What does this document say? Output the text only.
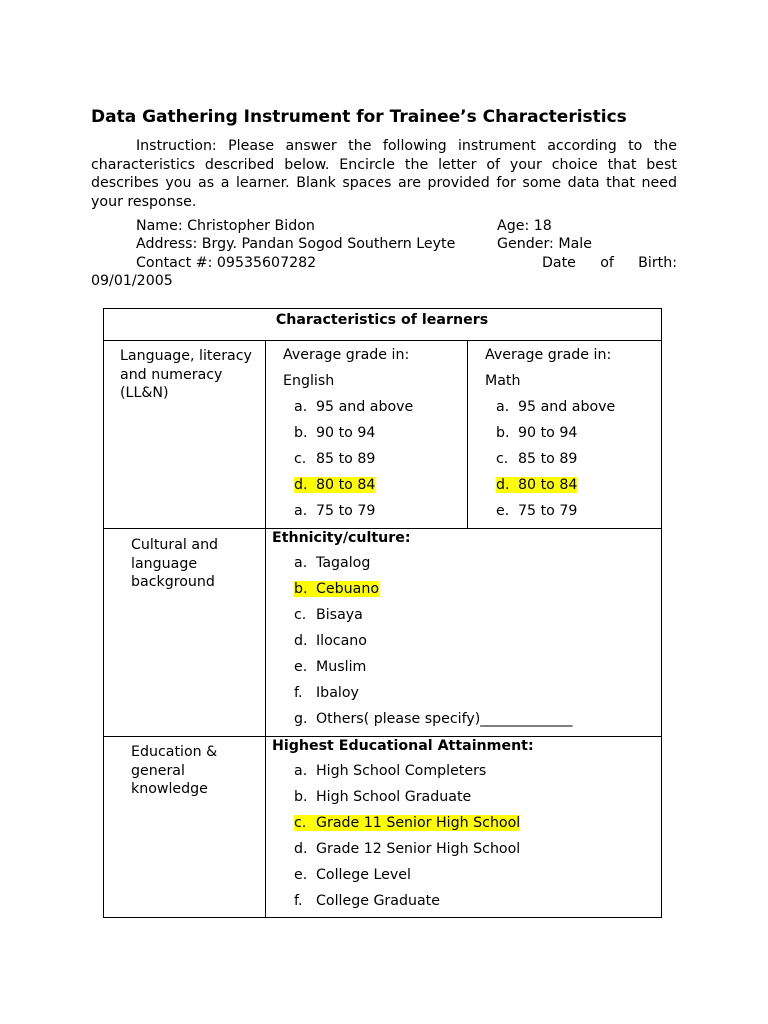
Data Gathering Instrument for Trainee’s Characteristics
Instruction: Please answer the following instrument according to the characteristics described below. Encircle the letter of your choice that best describes you as a learner. Blank spaces are provided for some data that need your response.
Name: Christopher Bidon
Address: Brgy. Pandan Sogod Southern Leyte
Contact #: 09535607282
Age: 18
Gender: Male
Date of Birth:
09/01/2005
Characteristics of learners
Language, literacy and numeracy (LL&N)
Average grade in:
English
a. 95 and above
b. 90 to 94
c. 85 to 89
d. 80 to 84
a. 75 to 79
Average grade in:
Math
a. 95 and above
b. 90 to 94
c. 85 to 89
d. 80 to 84
e. 75 to 79
Cultural and language background
Ethnicity/culture:
a. Tagalog
b. Cebuano
c. Bisaya
d. Ilocano
e. Muslim
f. Ibaloy
g. Others( please specify)_____________
Education & general knowledge
Highest Educational Attainment:
a. High School Completers
b. High School Graduate
c. Grade 11 Senior High School
d. Grade 12 Senior High School
e. College Level
f. College Graduate
